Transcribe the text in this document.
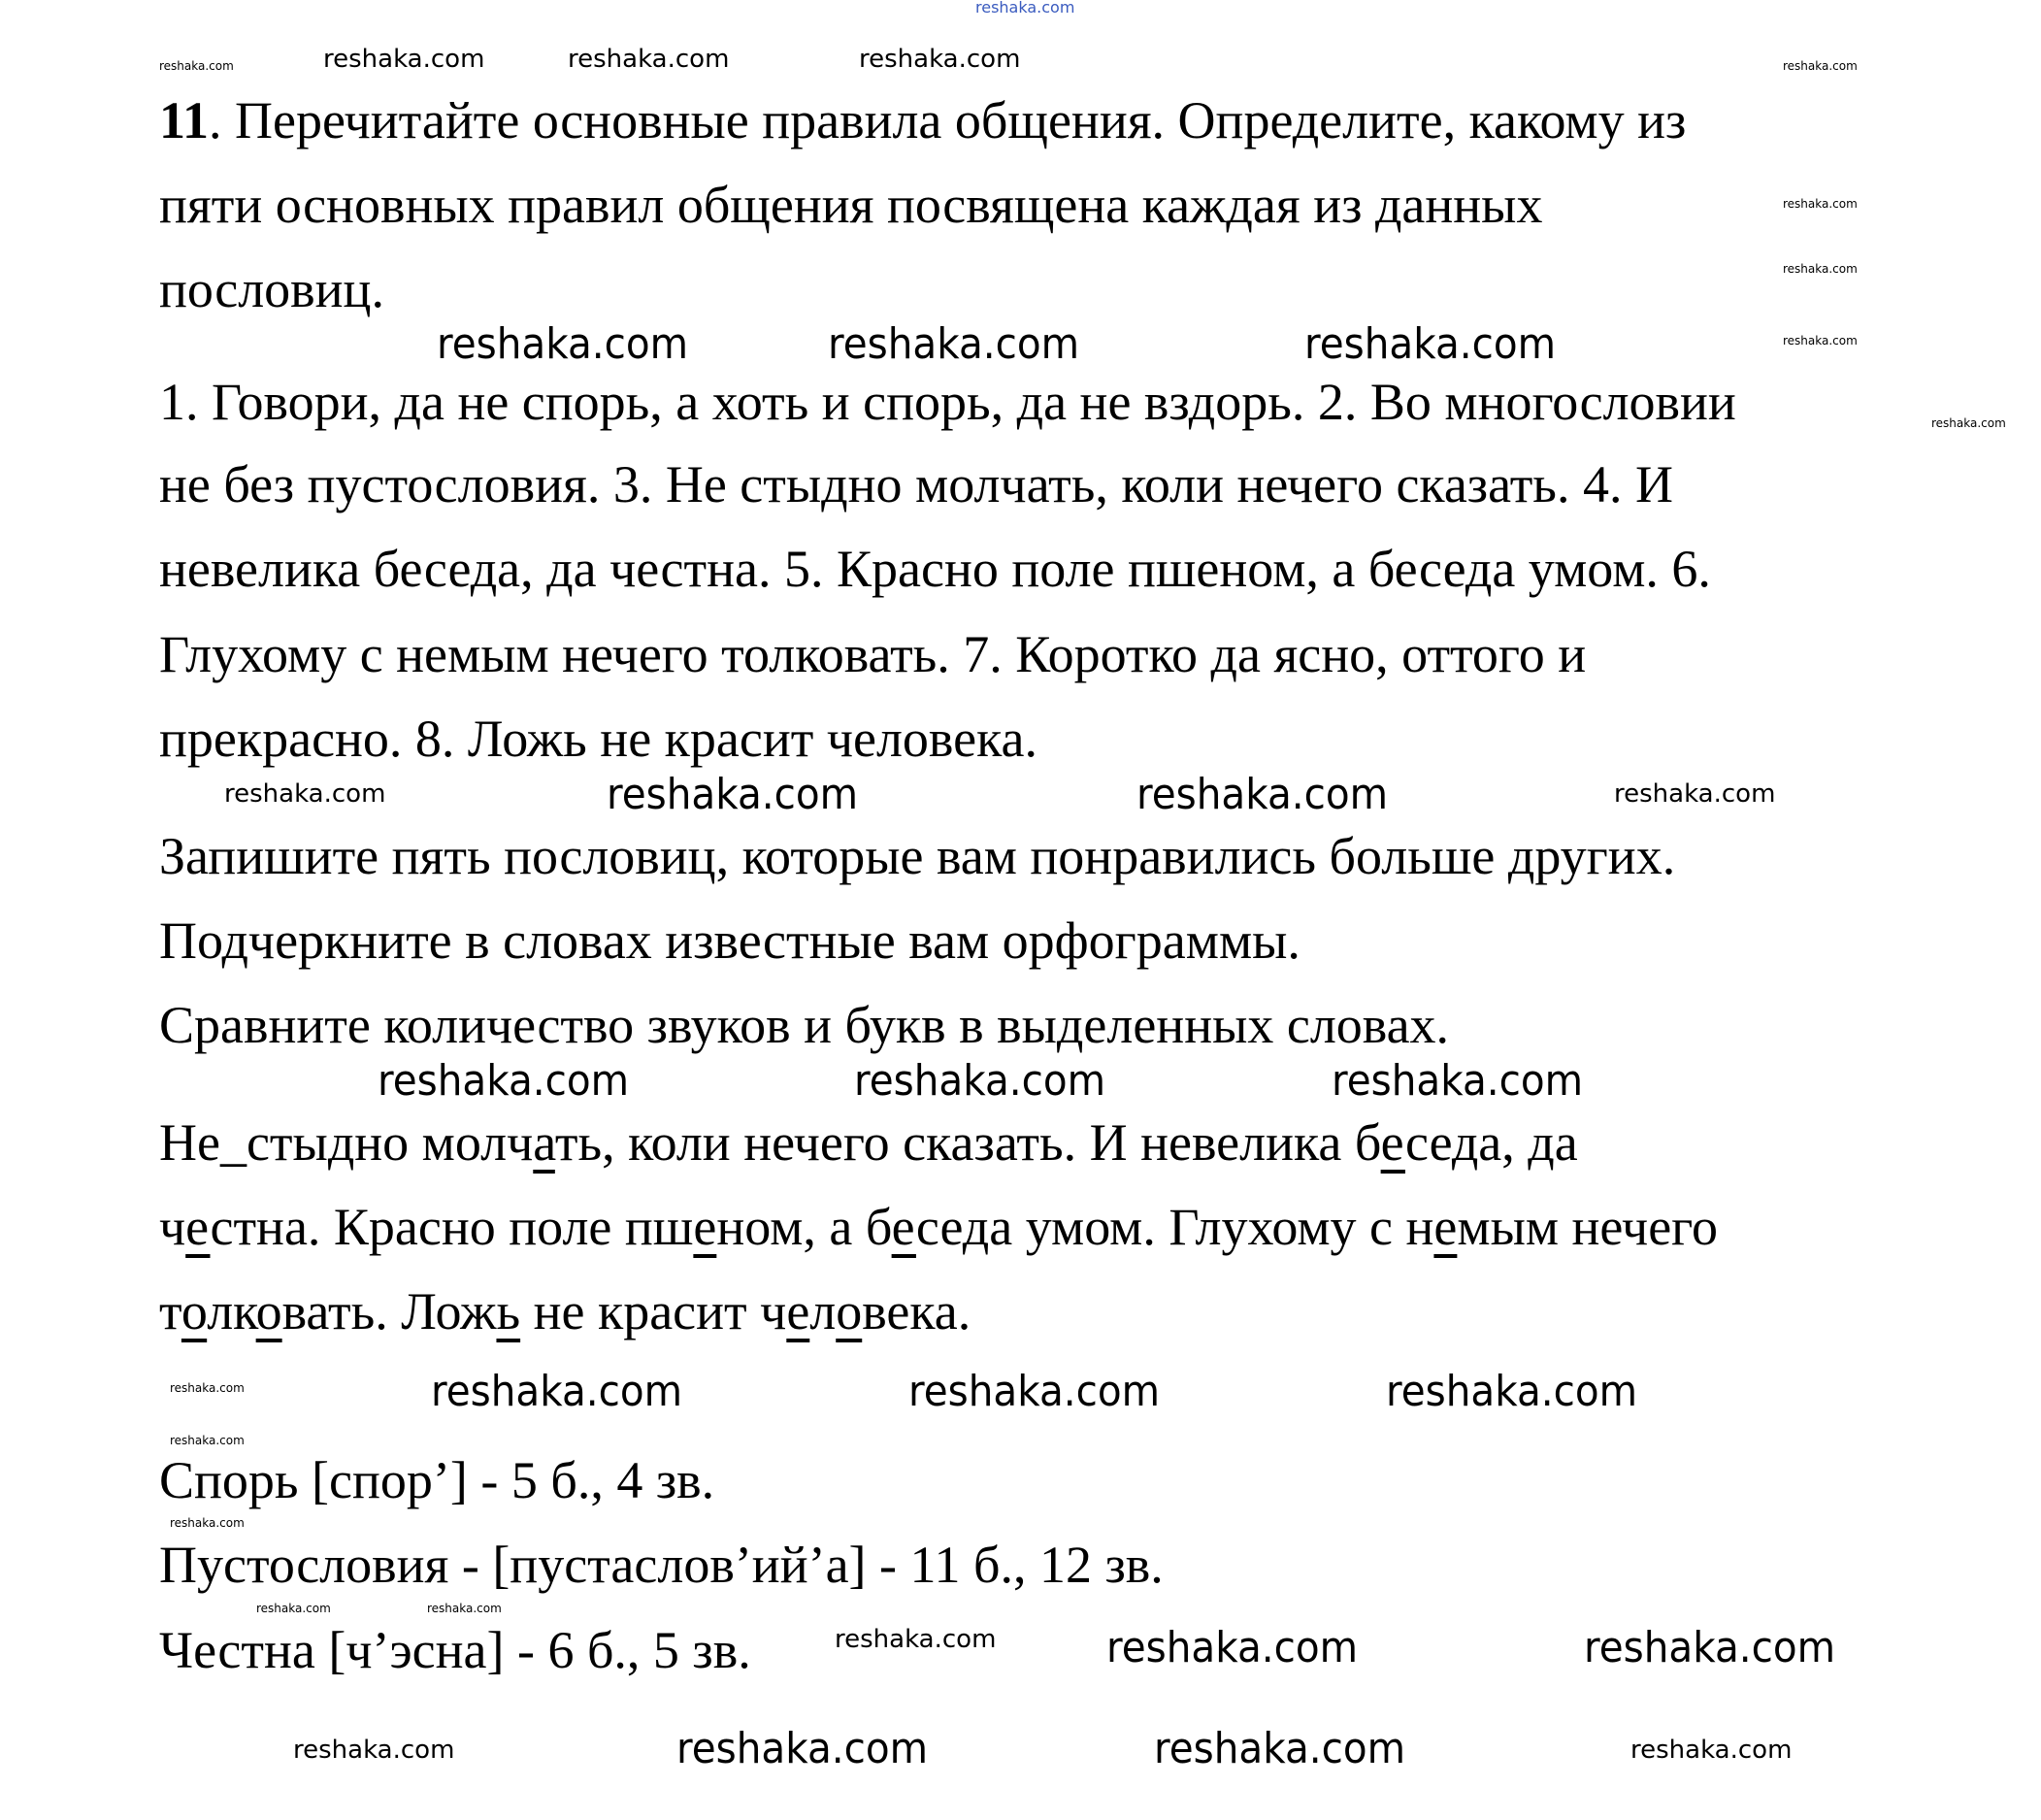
reshaka.com
11. Перечитайте основные правила общения. Определите, какому из
пяти основных правил общения посвящена каждая из данных
пословиц.
1. Говори, да не спорь, а хоть и спорь, да не вздорь. 2. Во многословии
не без пустословия. 3. Не стыдно молчать, коли нечего сказать. 4. И
невелика беседа, да честна. 5. Красно поле пшеном, а беседа умом. 6.
Глухому с немым нечего толковать. 7. Коротко да ясно, оттого и
прекрасно. 8. Ложь не красит человека.
Запишите пять пословиц, которые вам понравились больше других.
Подчеркните в словах известные вам орфограммы.
Сравните количество звуков и букв в выделенных словах.
Не_стыдно молчать, коли нечего сказать. И невелика беседа, да
честна. Красно поле пшеном, а беседа умом. Глухому с немым нечего
толковать. Ложь не красит человека.
Спорь [спор’] - 5 б., 4 зв.
Пустословия - [пустаслов’ий’а] - 11 б., 12 зв.
Честна [ч’эсна] - 6 б., 5 зв.
reshaka.com	reshaka.com	reshaka.com	reshaka.com	reshaka.com
reshaka.com
reshaka.com
reshaka.com
reshaka.com
reshaka.com	reshaka.com	reshaka.com
reshaka.com	reshaka.com	reshaka.com	reshaka.com
reshaka.com	reshaka.com	reshaka.com
reshaka.com	reshaka.com	reshaka.com	reshaka.com
reshaka.com	reshaka.com	reshaka.com	reshaka.com
reshaka.com
reshaka.com
reshaka.com	reshaka.com
reshaka.com	reshaka.com	reshaka.com
